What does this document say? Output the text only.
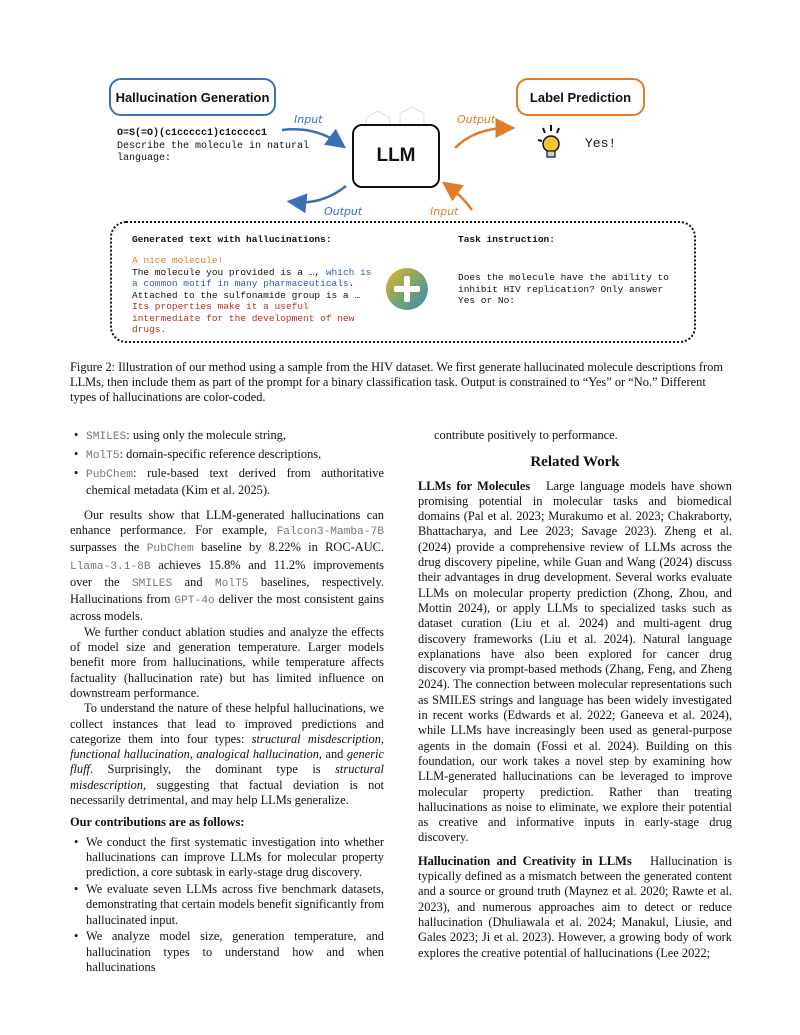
Hallucination Generation	Label Prediction
O=S(=O)(c1ccccc1)c1ccccc1
Describe the molecule in natural language:
Input	Output
Output	Input
LLM
Yes!
Generated text with hallucinations:
A nice molecule!
The molecule you provided is a …, which is a common motif in many pharmaceuticals. Attached to the sulfonamide group is a … Its properties make it a useful intermediate for the development of new drugs.
Task instruction:
Does the molecule have the ability to inhibit HIV replication? Only answer Yes or No:
Figure 2: Illustration of our method using a sample from the HIV dataset. We first generate hallucinated molecule descriptions from LLMs, then include them as part of the prompt for a binary classification task. Output is constrained to “Yes” or “No.” Different types of hallucinations are color-coded.
• SMILES: using only the molecule string,
• MolT5: domain-specific reference descriptions,
• PubChem: rule-based text derived from authoritative chemical metadata (Kim et al. 2025).

Our results show that LLM-generated hallucinations can enhance performance. For example, Falcon3-Mamba-7B surpasses the PubChem baseline by 8.22% in ROC-AUC. Llama-3.1-8B achieves 15.8% and 11.2% improvements over the SMILES and MolT5 baselines, respectively. Hallucinations from GPT-4o deliver the most consistent gains across models.

We further conduct ablation studies and analyze the effects of model size and generation temperature. Larger models benefit more from hallucinations, while temperature affects factuality (hallucination rate) but has limited influence on downstream performance.

To understand the nature of these helpful hallucinations, we collect instances that lead to improved predictions and categorize them into four types: structural misdescription, functional hallucination, analogical hallucination, and generic fluff. Surprisingly, the dominant type is structural misdescription, suggesting that factual deviation is not necessarily detrimental, and may help LLMs generalize.

Our contributions are as follows:
• We conduct the first systematic investigation into whether hallucinations can improve LLMs for molecular property prediction, a core subtask in early-stage drug discovery.
• We evaluate seven LLMs across five benchmark datasets, demonstrating that certain models benefit significantly from hallucinated input.
• We analyze model size, generation temperature, and hallucination types to understand how and when hallucinations

contribute positively to performance.

Related Work

LLMs for Molecules Large language models have shown promising potential in molecular tasks and biomedical domains (Pal et al. 2023; Murakumo et al. 2023; Chakraborty, Bhattacharya, and Lee 2023; Savage 2023). Zheng et al. (2024) provide a comprehensive review of LLMs across the drug discovery pipeline, while Guan and Wang (2024) discuss their advantages in drug development. Several works evaluate LLMs on molecular property prediction (Zhong, Zhou, and Mottin 2024), or apply LLMs to specialized tasks such as dataset curation (Liu et al. 2024) and multi-agent drug discovery frameworks (Liu et al. 2024). Natural language explanations have also been explored for cancer drug discovery via prompt-based methods (Zhang, Feng, and Zheng 2024). The connection between molecular representations such as SMILES strings and language has been widely investigated in recent works (Edwards et al. 2022; Ganeeva et al. 2024), while LLMs have increasingly been used as general-purpose agents in the domain (Fossi et al. 2024). Building on this foundation, our work takes a novel step by examining how LLM-generated hallucinations can be leveraged to improve molecular property prediction. Rather than treating hallucinations as noise to eliminate, we explore their potential as creative and informative inputs in early-stage drug discovery.

Hallucination and Creativity in LLMs Hallucination is typically defined as a mismatch between the generated content and a source or ground truth (Maynez et al. 2020; Rawte et al. 2023), and numerous approaches aim to detect or reduce hallucination (Dhuliawala et al. 2024; Manakul, Liusie, and Gales 2023; Ji et al. 2023). However, a growing body of work explores the creative potential of hallucinations (Lee 2022;
